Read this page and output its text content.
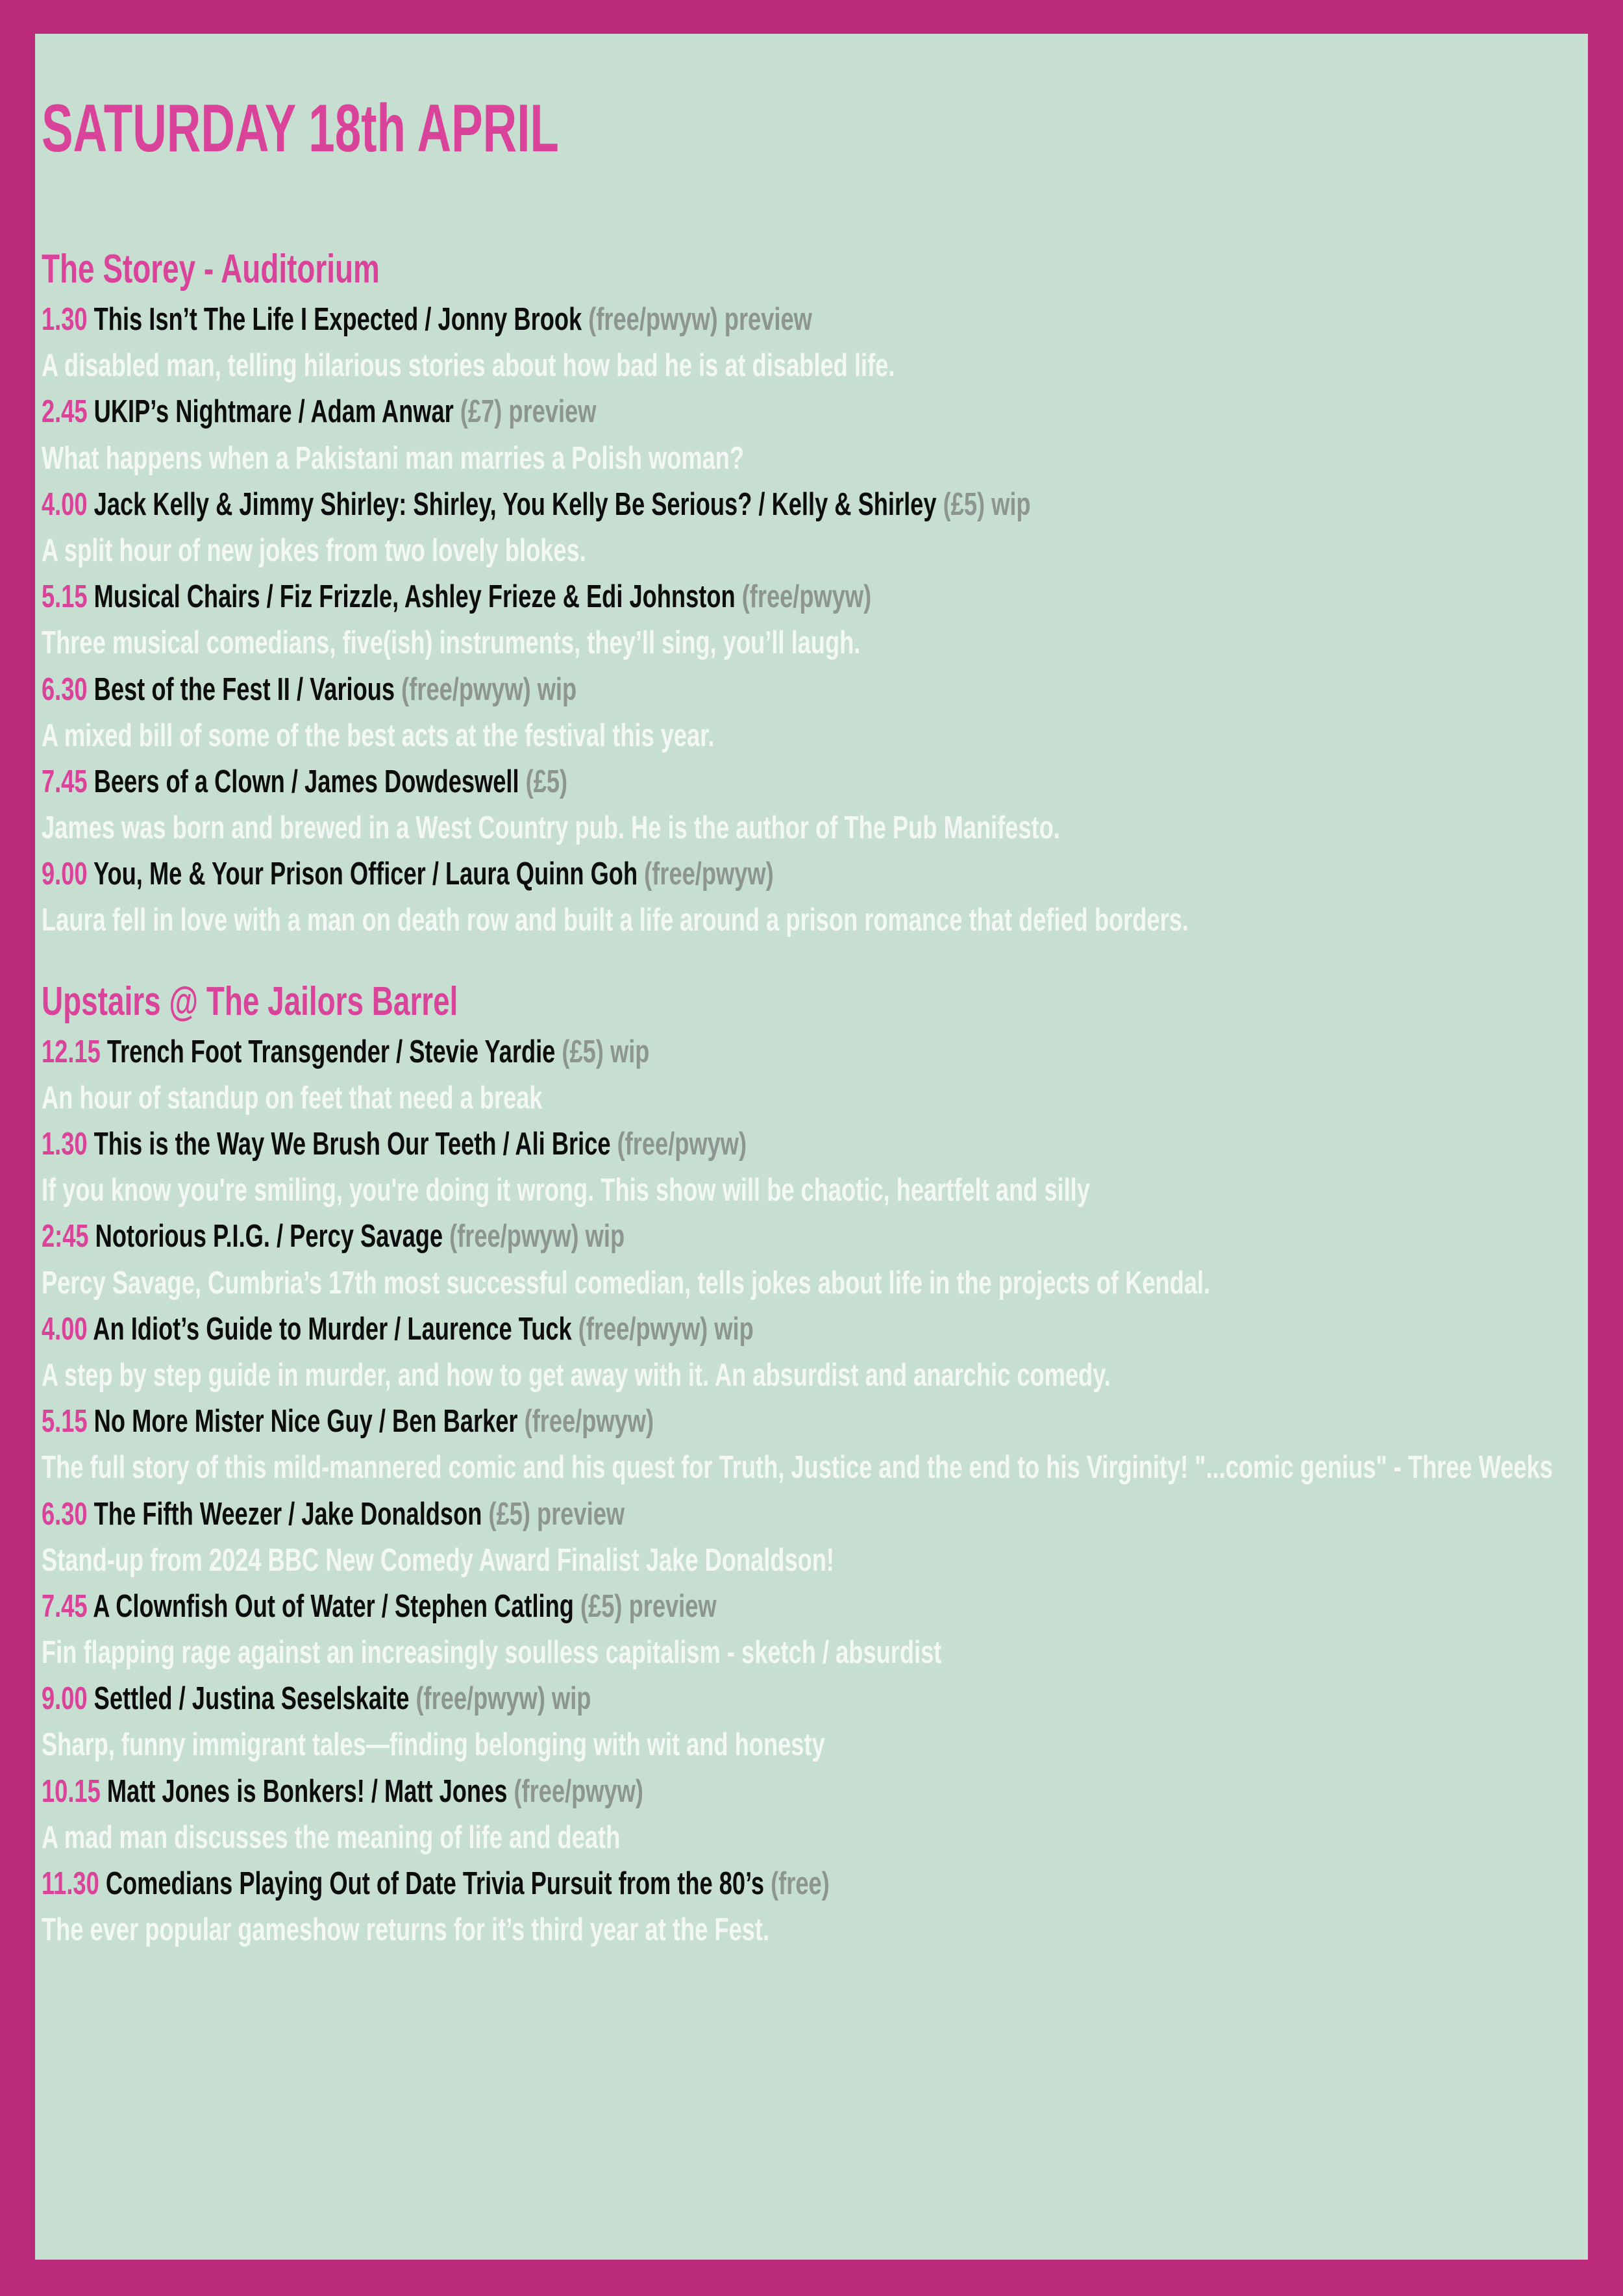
SATURDAY 18th APRIL
The Storey - Auditorium
1.30 This Isn’t The Life I Expected / Jonny Brook (free/pwyw) preview
A disabled man, telling hilarious stories about how bad he is at disabled life.
2.45 UKIP’s Nightmare / Adam Anwar (£7) preview
What happens when a Pakistani man marries a Polish woman?
4.00 Jack Kelly & Jimmy Shirley: Shirley, You Kelly Be Serious? / Kelly & Shirley (£5) wip
A split hour of new jokes from two lovely blokes.
5.15 Musical Chairs / Fiz Frizzle, Ashley Frieze & Edi Johnston (free/pwyw)
Three musical comedians, five(ish) instruments, they’ll sing, you’ll laugh.
6.30 Best of the Fest II / Various (free/pwyw) wip
A mixed bill of some of the best acts at the festival this year.
7.45 Beers of a Clown / James Dowdeswell (£5)
James was born and brewed in a West Country pub. He is the author of The Pub Manifesto.
9.00 You, Me & Your Prison Officer / Laura Quinn Goh (free/pwyw)
Laura fell in love with a man on death row and built a life around a prison romance that defied borders.
Upstairs @ The Jailors Barrel
12.15 Trench Foot Transgender / Stevie Yardie (£5) wip
An hour of standup on feet that need a break
1.30 This is the Way We Brush Our Teeth / Ali Brice (free/pwyw)
If you know you're smiling, you're doing it wrong. This show will be chaotic, heartfelt and silly
2:45 Notorious P.I.G. / Percy Savage (free/pwyw) wip
Percy Savage, Cumbria’s 17th most successful comedian, tells jokes about life in the projects of Kendal.
4.00 An Idiot’s Guide to Murder / Laurence Tuck (free/pwyw) wip
A step by step guide in murder, and how to get away with it. An absurdist and anarchic comedy.
5.15 No More Mister Nice Guy / Ben Barker (free/pwyw)
The full story of this mild-mannered comic and his quest for Truth, Justice and the end to his Virginity! "...comic genius" - Three Weeks
6.30 The Fifth Weezer / Jake Donaldson (£5) preview
Stand-up from 2024 BBC New Comedy Award Finalist Jake Donaldson!
7.45 A Clownfish Out of Water / Stephen Catling (£5) preview
Fin flapping rage against an increasingly soulless capitalism - sketch / absurdist
9.00 Settled / Justina Seselskaite (free/pwyw) wip
Sharp, funny immigrant tales—finding belonging with wit and honesty
10.15 Matt Jones is Bonkers! / Matt Jones (free/pwyw)
A mad man discusses the meaning of life and death
11.30 Comedians Playing Out of Date Trivia Pursuit from the 80’s (free)
The ever popular gameshow returns for it’s third year at the Fest.
